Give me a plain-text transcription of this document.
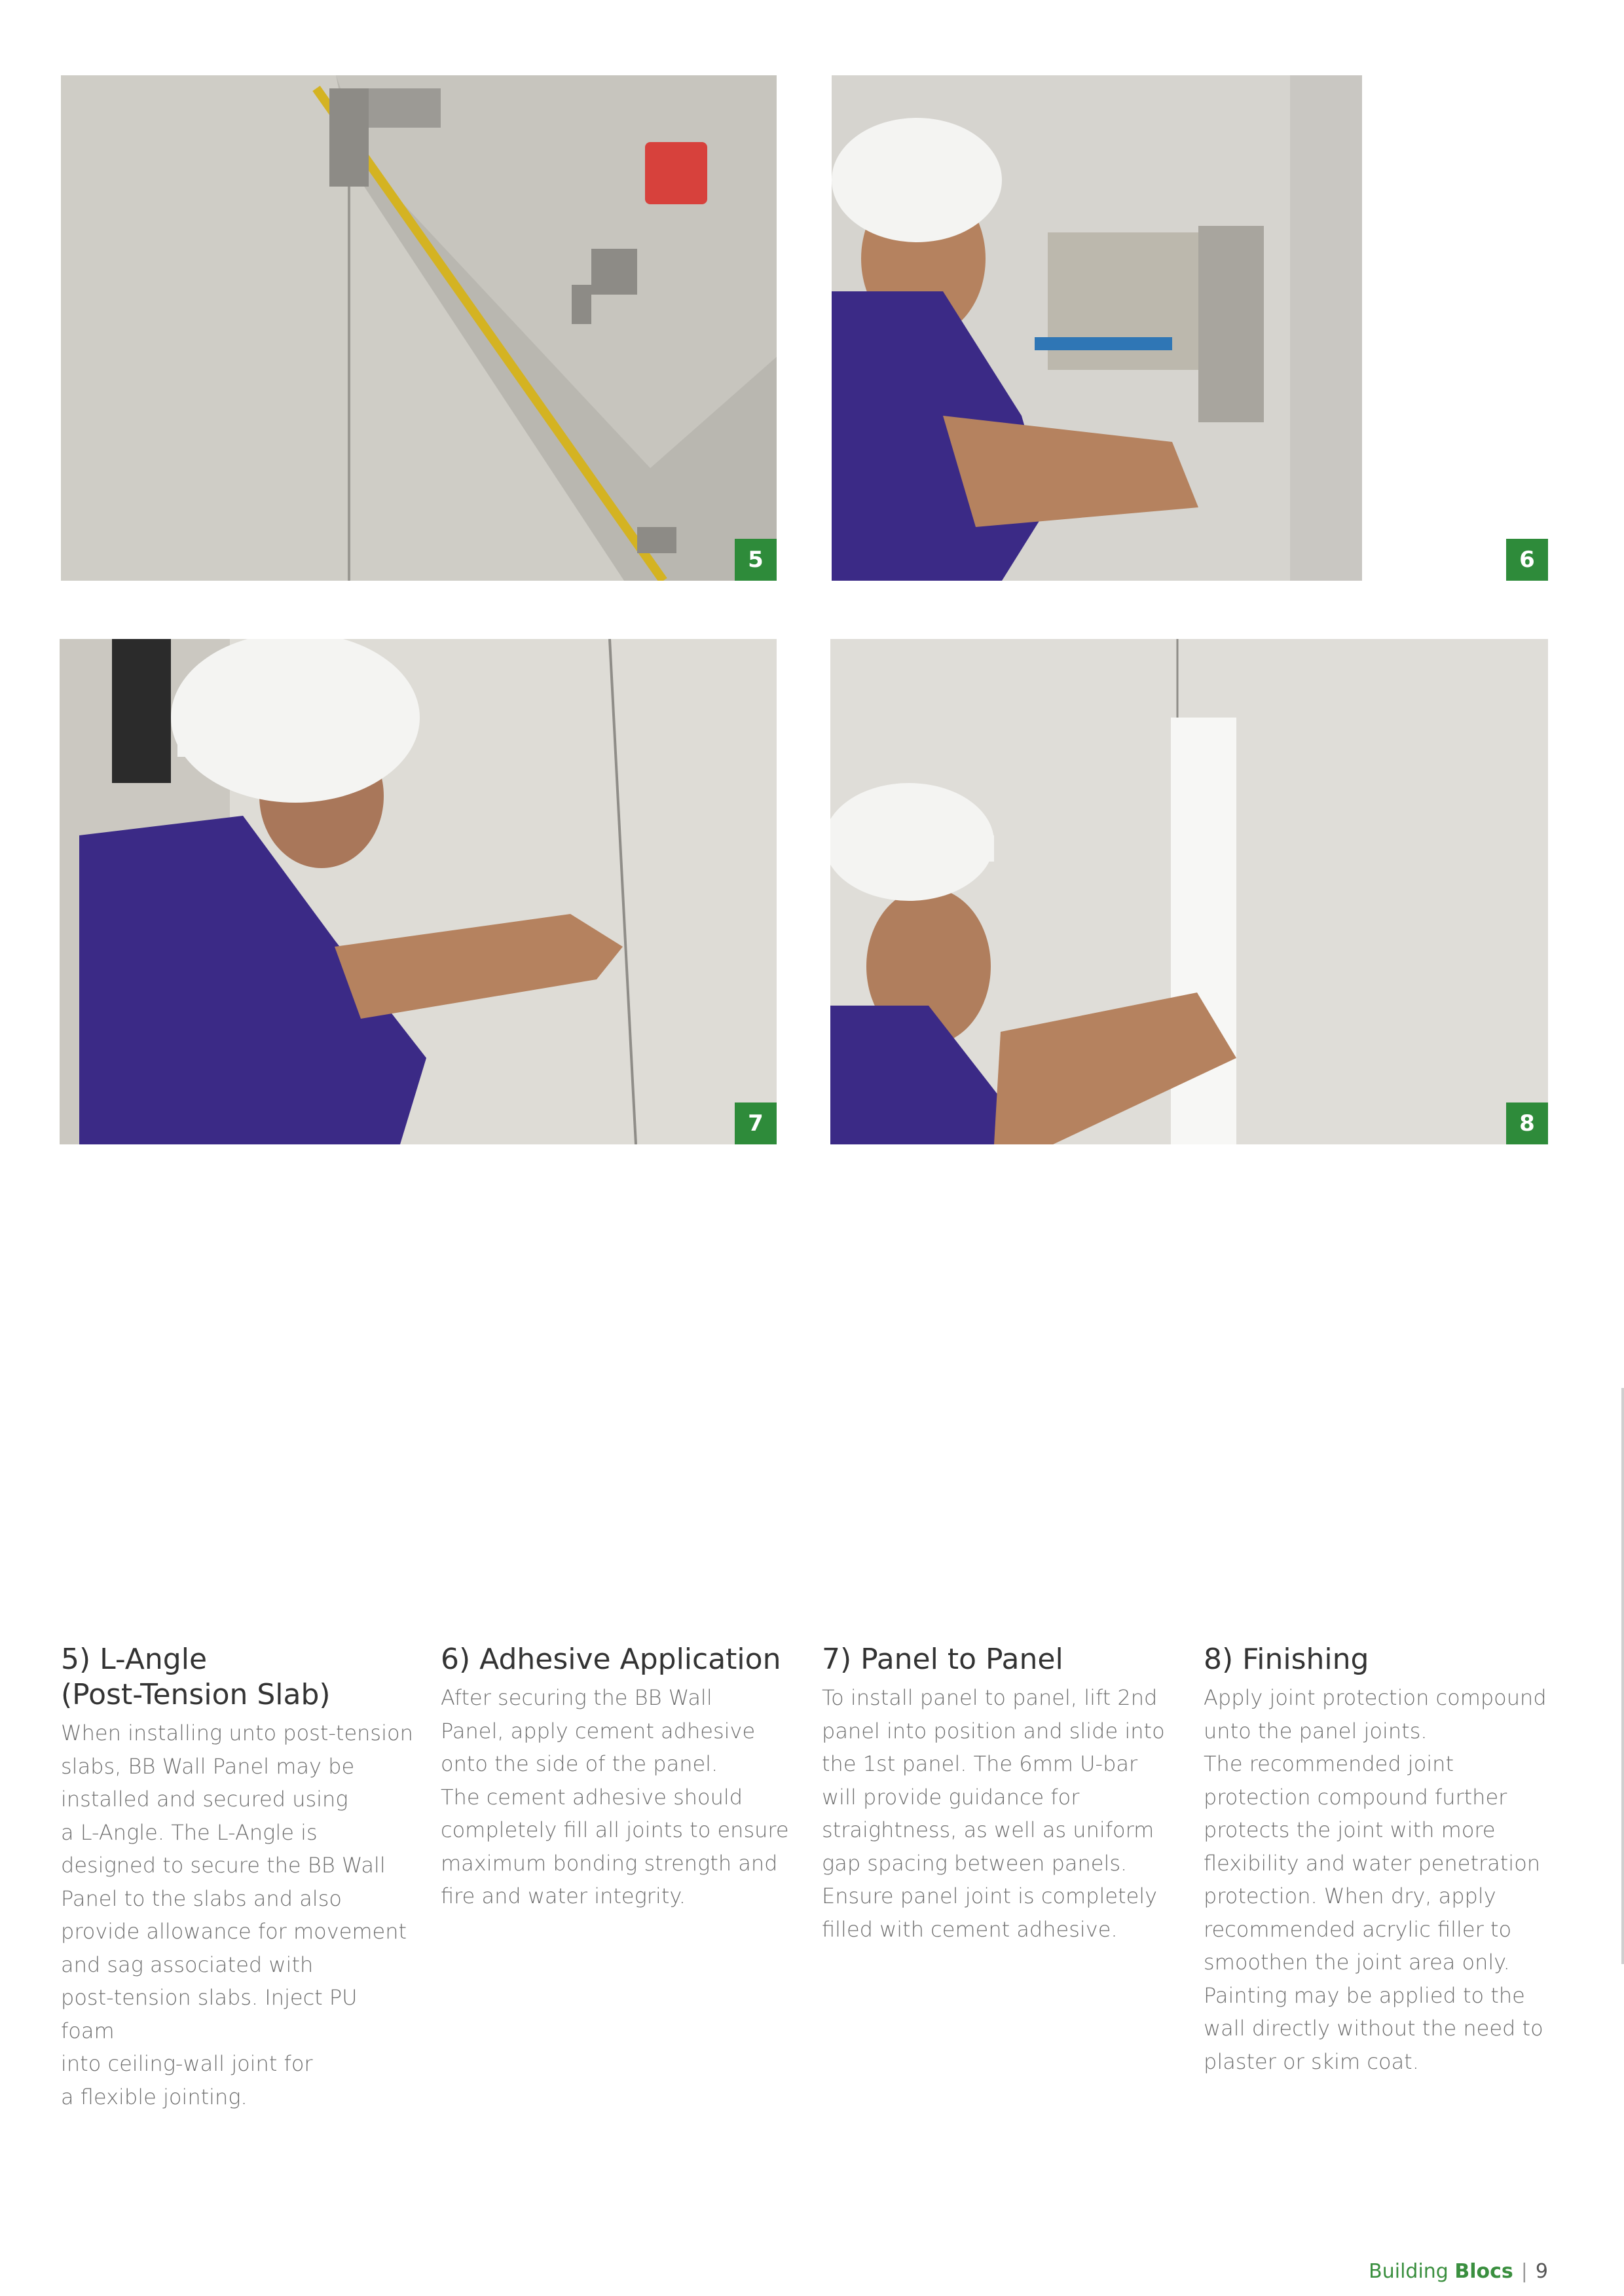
5	6
7	8
5) L-Angle
(Post-Tension Slab)

When installing unto post-tension
slabs, BB Wall Panel may be
installed and secured using
a L-Angle. The L-Angle is
designed to secure the BB Wall
Panel to the slabs and also
provide allowance for movement
and sag associated with
post-tension slabs. Inject PU foam
into ceiling-wall joint for
a flexible jointing.

6) Adhesive Application

After securing the BB Wall
Panel, apply cement adhesive
onto the side of the panel.
The cement adhesive should
completely fill all joints to ensure
maximum bonding strength and
fire and water integrity.

7) Panel to Panel

To install panel to panel, lift 2nd
panel into position and slide into
the 1st panel. The 6mm U-bar
will provide guidance for
straightness, as well as uniform
gap spacing between panels.
Ensure panel joint is completely
filled with cement adhesive.

8) Finishing

Apply joint protection compound
unto the panel joints.
The recommended joint
protection compound further
protects the joint with more
flexibility and water penetration
protection. When dry, apply
recommended acrylic filler to
smoothen the joint area only.
Painting may be applied to the
wall directly without the need to
plaster or skim coat.

Building Blocs | 9
